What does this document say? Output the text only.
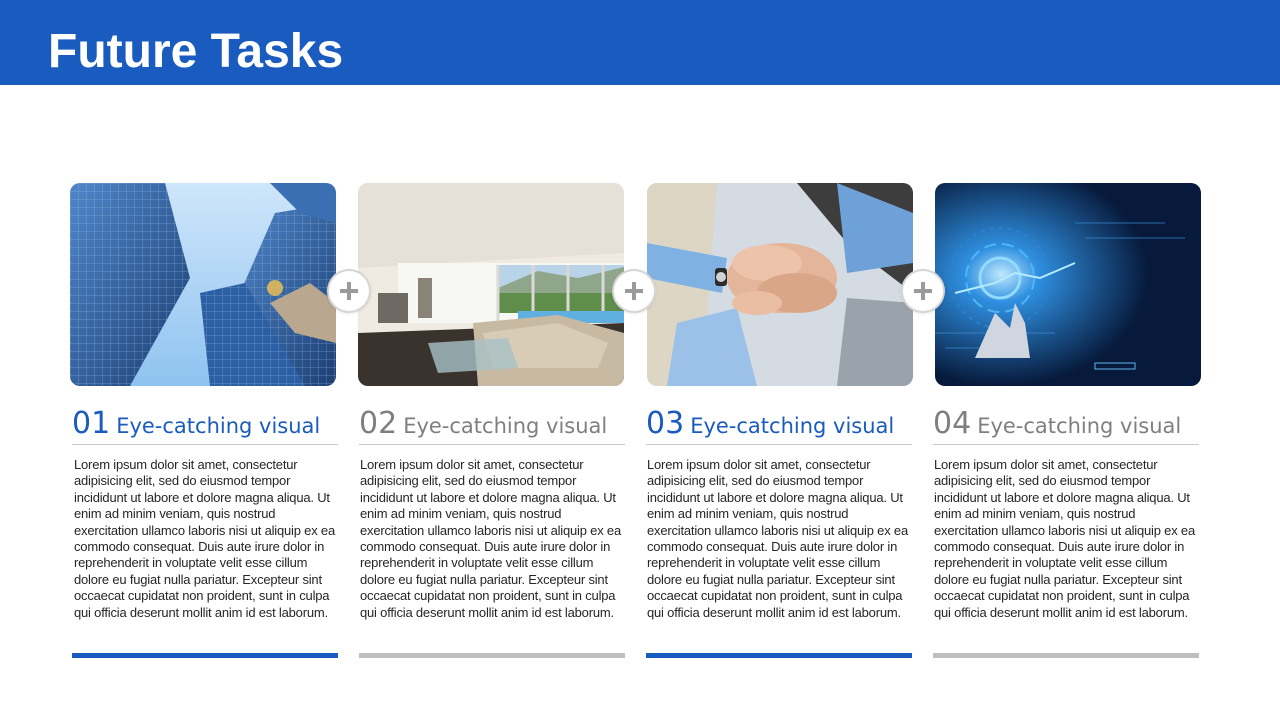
Future Tasks
01 Eye-catching visual	02 Eye-catching visual	03 Eye-catching visual	04 Eye-catching visual
Lorem ipsum dolor sit amet, consectetur adipisicing elit, sed do eiusmod tempor incididunt ut labore et dolore magna aliqua. Ut enim ad minim veniam, quis nostrud exercitation ullamco laboris nisi ut aliquip ex ea commodo consequat. Duis aute irure dolor in reprehenderit in voluptate velit esse cillum dolore eu fugiat nulla pariatur. Excepteur sint occaecat cupidatat non proident, sunt in culpa qui officia deserunt mollit anim id est laborum.
Lorem ipsum dolor sit amet, consectetur adipisicing elit, sed do eiusmod tempor incididunt ut labore et dolore magna aliqua. Ut enim ad minim veniam, quis nostrud exercitation ullamco laboris nisi ut aliquip ex ea commodo consequat. Duis aute irure dolor in reprehenderit in voluptate velit esse cillum dolore eu fugiat nulla pariatur. Excepteur sint occaecat cupidatat non proident, sunt in culpa qui officia deserunt mollit anim id est laborum.
Lorem ipsum dolor sit amet, consectetur adipisicing elit, sed do eiusmod tempor incididunt ut labore et dolore magna aliqua. Ut enim ad minim veniam, quis nostrud exercitation ullamco laboris nisi ut aliquip ex ea commodo consequat. Duis aute irure dolor in reprehenderit in voluptate velit esse cillum dolore eu fugiat nulla pariatur. Excepteur sint occaecat cupidatat non proident, sunt in culpa qui officia deserunt mollit anim id est laborum.
Lorem ipsum dolor sit amet, consectetur adipisicing elit, sed do eiusmod tempor incididunt ut labore et dolore magna aliqua. Ut enim ad minim veniam, quis nostrud exercitation ullamco laboris nisi ut aliquip ex ea commodo consequat. Duis aute irure dolor in reprehenderit in voluptate velit esse cillum dolore eu fugiat nulla pariatur. Excepteur sint occaecat cupidatat non proident, sunt in culpa qui officia deserunt mollit anim id est laborum.
